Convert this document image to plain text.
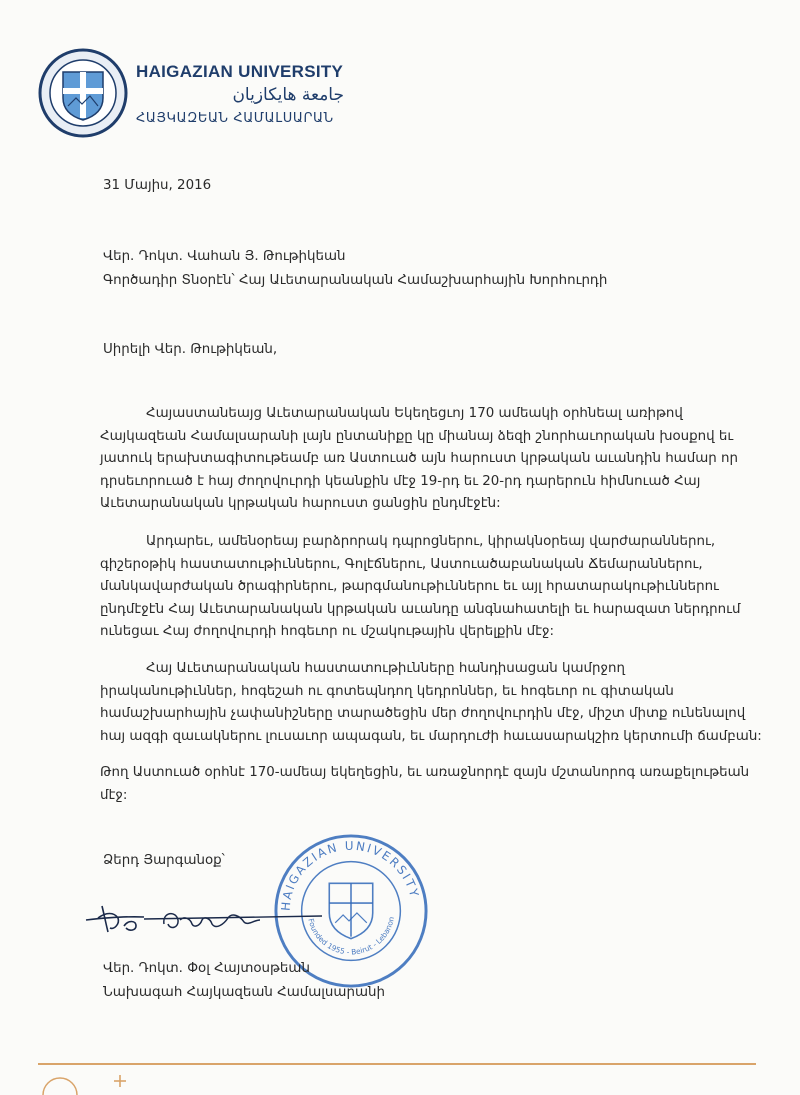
HAIGAZIAN UNIVERSITY
جامعة هايكازيان
ՀԱՅԿԱԶԵԱՆ ՀԱՄԱԼՍԱՐԱՆ
31 Մայիս, 2016
Վեր. Դոկտ. Վահան Յ. Թութիկեան
Գործադիր Տնօրէն՝ Հայ Աւետարանական Համաշխարհային Խորհուրդի
Սիրելի Վեր. Թութիկեան,
Հայաստանեայց Աւետարանական Եկեղեցւոյ 170 ամեակի օրհնեալ առիթով
Հայկազեան Համալսարանի լայն ընտանիքը կը միանայ ձեզի շնորհաւորական խօսքով եւ
յատուկ երախտագիտութեամբ առ Աստուած այն հարուստ կրթական աւանդին համար որ
դրսեւորուած է հայ ժողովուրդի կեանքին մէջ 19-րդ եւ 20-րդ դարերուն հիմնուած Հայ
Աւետարանական կրթական հարուստ ցանցին ընդմէջէն:
Արդարեւ, ամենօրեայ բարձրորակ դպրոցներու, կիրակնօրեայ վարժարաններու,
գիշերօթիկ հաստատութիւններու, Գոլէճներու, Աստուածաբանական Ճեմարաններու,
մանկավարժական ծրագիրներու, թարգմանութիւններու եւ այլ հրատարակութիւններու
ընդմէջէն Հայ Աւետարանական կրթական աւանդը անգնահատելի եւ հարազատ ներդրում
ունեցաւ Հայ ժողովուրդի հոգեւոր ու մշակութային վերելքին մէջ:
Հայ Աւետարանական հաստատութիւնները հանդիսացան կամրջող
իրականութիւններ, հոգեշահ ու գոտեպնդող կեդրոններ, եւ հոգեւոր ու գիտական
համաշխարհային չափանիշները տարածեցին մեր ժողովուրդին մէջ, միշտ միտք ունենալով
հայ ազգի զաւակներու լուսաւոր ապագան, եւ մարդուժի հաւասարակշիռ կերտումի ճամբան:
Թող Աստուած օրհնէ 170-ամեայ եկեղեցին, եւ առաջնորդէ զայն մշտանորոգ առաքելութեան
մէջ:
Ձերդ Յարգանօք՝
HAIGAZIAN UNIVERSITY
Founded 1955 - Beirut - Lebanon
Վեր. Դոկտ. Փօլ Հայտօսթեան
Նախագահ Հայկազեան Համալսարանի
